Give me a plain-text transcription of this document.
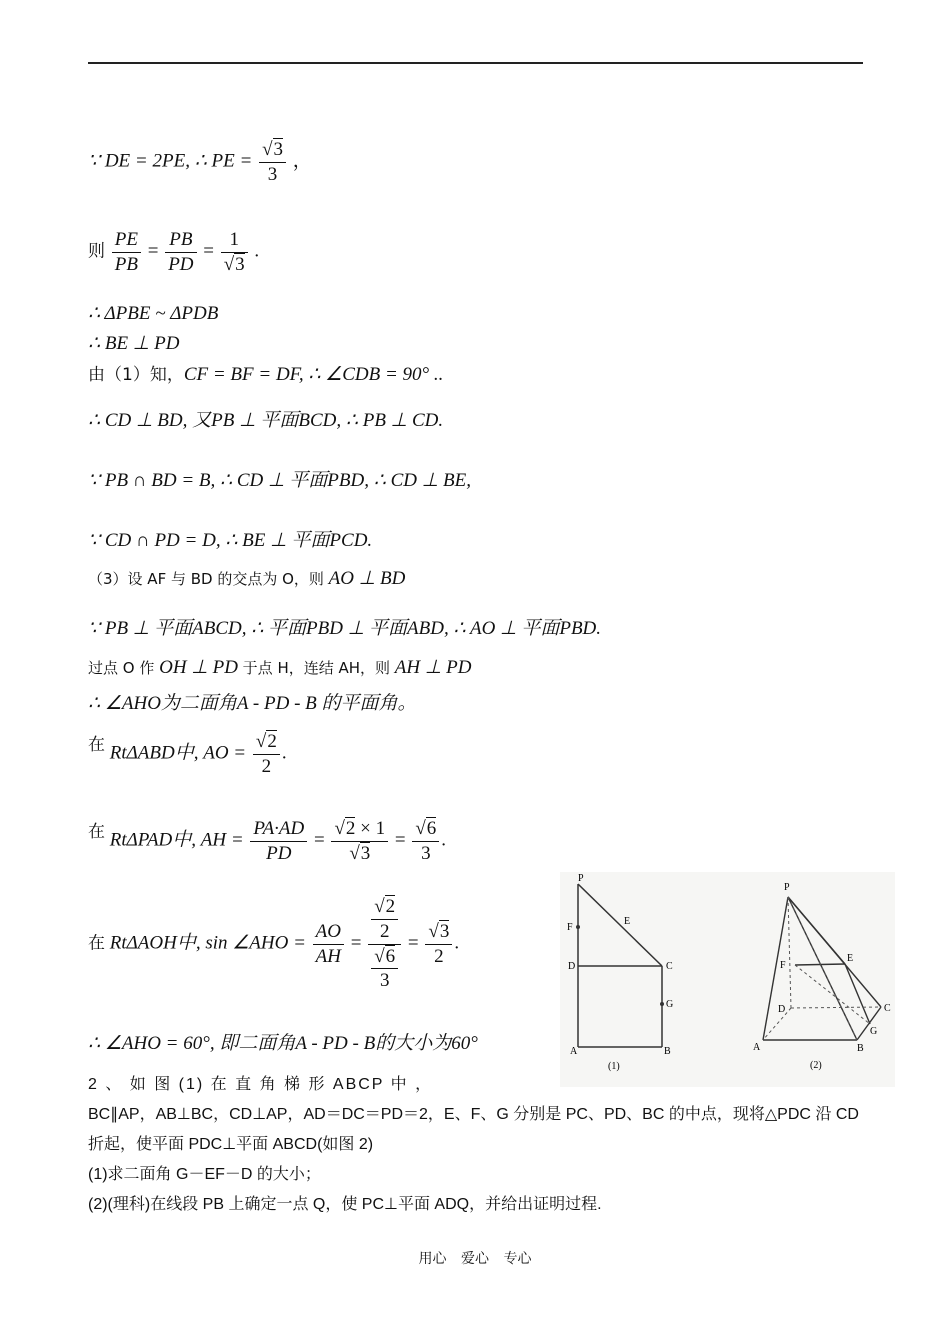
∵ DE = 2PE, ∴ PE = $\frac{√3}{3}$ ，
则 $\frac{PE}{PB} = \frac{PB}{PD} = \frac{1}{√3}$ .
∴ ΔPBE ~ ΔPDB
∴ BE ⊥ PD
由（1）知，CF = BF = DF, ∴ ∠CDB = 90° ..
∴ CD ⊥ BD, 又PB ⊥ 平面BCD, ∴ PB ⊥ CD.
∵ PB ∩ BD = B, ∴ CD ⊥ 平面PBD, ∴ CD ⊥ BE,
∵ CD ∩ PD = D, ∴ BE ⊥ 平面PCD.
（3）设 AF 与 BD 的交点为 O，则 AO ⊥ BD
∵ PB ⊥ 平面ABCD, ∴ 平面PBD ⊥ 平面ABD, ∴ AO ⊥ 平面PBD.
过点 O 作 OH ⊥ PD 于点 H，连结 AH，则 AH ⊥ PD
∴ ∠AHO为二面角A - PD - B 的平面角。
在 RtΔABD中, AO = $\frac{√2}{2}$ .
在 RtΔPAD中, AH = $\frac{PA\cdot AD}{PD} = \frac{√2 \times 1}{√3} = \frac{√6}{3}$ .
在 RtΔAOH中, sin ∠AHO = $\frac{AO}{AH} = \frac{\frac{√2}{2}}{\frac{√6}{3}} = \frac{√3}{2}$ .
∴ ∠AHO = 60°, 即二面角A - PD - B的大小为60°
P
E
F
D	C
G
A	B
(1)
P
E
F
D	C
G
A	B
(2)
2 、 如 图 (1) 在 直 角 梯 形 ABCP 中 ，
BC∥AP，AB⊥BC，CD⊥AP，AD＝DC＝PD＝2，E、F、G 分别是 PC、PD、BC 的中点，现将△PDC 沿 CD
折起，使平面 PDC⊥平面 ABCD(如图 2)
(1)求二面角 G－EF－D 的大小；
(2)(理科)在线段 PB 上确定一点 Q，使 PC⊥平面 ADQ，并给出证明过程.
用心 爱心 专心
